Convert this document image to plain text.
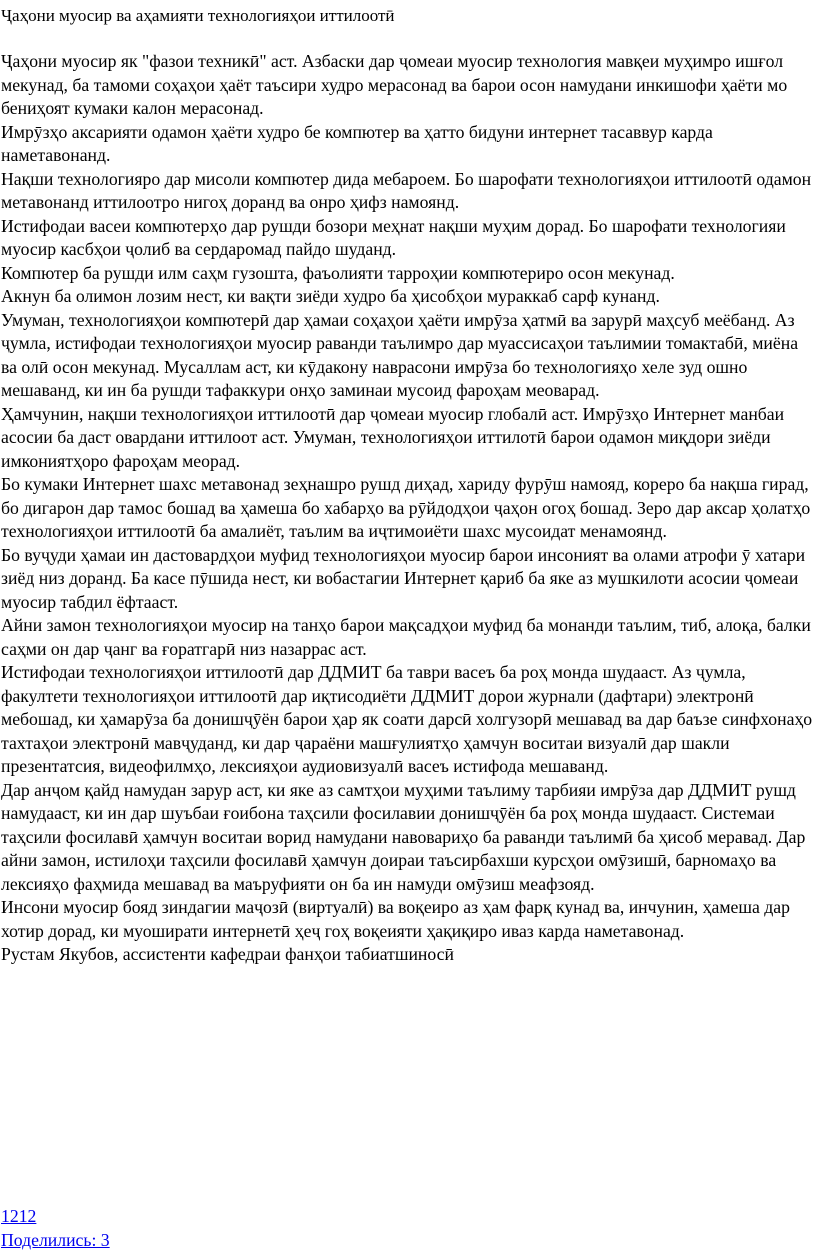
Ҷаҳони муосир ва аҳамияти технологияҳои иттилоотӣ

Ҷаҳони муосир як "фазои техникӣ" аст. Азбаски дар ҷомеаи муосир технология мавқеи муҳимро ишғол мекунад, ба тамоми соҳаҳои ҳаёт таъсири худро мерасонад ва барои осон намудани инкишофи ҳаёти мо бениҳоят кумаки калон мерасонад.

Имрӯзҳо аксарияти одамон ҳаёти худро бе компютер ва ҳатто бидуни интернет тасаввур карда наметавонанд.

Нақши технологияро дар мисоли компютер дида мебароем. Бо шарофати технологияҳои иттилоотӣ одамон метавонанд иттилоотро нигоҳ доранд ва онро ҳифз намоянд.

Истифодаи васеи компютерҳо дар рушди бозори меҳнат нақши муҳим дорад. Бо шарофати технологияи муосир касбҳои ҷолиб ва сердаромад пайдо шуданд.

Компютер ба рушди илм саҳм гузошта, фаъолияти тарроҳии компютериро осон мекунад.

Акнун ба олимон лозим нест, ки вақти зиёди худро ба ҳисобҳои мураккаб сарф кунанд.

Умуман, технологияҳои компютерӣ дар ҳамаи соҳаҳои ҳаёти имрӯза ҳатмӣ ва зарурӣ маҳсуб меёбанд. Аз ҷумла, истифодаи технологияҳои муосир раванди таълимро дар муассисаҳои таълимии томактабӣ, миёна ва олӣ осон мекунад. Мусаллам аст, ки кӯдакону наврасони имрӯза бо технологияҳо хеле зуд ошно мешаванд, ки ин ба рушди тафаккури онҳо заминаи мусоид фароҳам меоварад.

Ҳамчунин, нақши технологияҳои иттилоотӣ дар ҷомеаи муосир глобалӣ аст. Имрӯзҳо Интернет манбаи асосии ба даст овардани иттилоот аст. Умуман, технологияҳои иттилотӣ барои одамон миқдори зиёди имкониятҳоро фароҳам меорад.

Бо кумаки Интернет шахс метавонад зеҳнашро рушд диҳад, хариду фурӯш намояд, кореро ба нақша гирад, бо дигарон дар тамос бошад ва ҳамеша бо хабарҳо ва рӯйдодҳои ҷаҳон огоҳ бошад. Зеро дар аксар ҳолатҳо технологияҳои иттилоотӣ ба амалиёт, таълим ва иҷтимоиёти шахс мусоидат менамоянд.

Бо вуҷуди ҳамаи ин дастовардҳои муфид технологияҳои муосир барои инсоният ва олами атрофи ӯ хатари зиёд низ доранд. Ба касе пӯшида нест, ки вобастагии Интернет қариб ба яке аз мушкилоти асосии ҷомеаи муосир табдил ёфтааст.

Айни замон технологияҳои муосир на танҳо барои мақсадҳои муфид ба монанди таълим, тиб, алоқа, балки саҳми он дар ҷанг ва ғоратгарӣ низ назаррас аст.

Истифодаи технологияҳои иттилоотӣ дар ДДМИТ ба таври васеъ ба роҳ монда шудааст. Аз ҷумла, факултети технологияҳои иттилоотӣ дар иқтисодиёти ДДМИТ дорои журнали (дафтари) электронӣ мебошад, ки ҳамарӯза ба донишҷӯён барои ҳар як соати дарсӣ холгузорӣ мешавад ва дар баъзе синфхонаҳо тахтаҳои электронӣ мавҷуданд, ки дар ҷараёни машғулиятҳо ҳамчун воситаи визуалӣ дар шакли презентатсия, видеофилмҳо, лексияҳои аудиовизуалӣ васеъ истифода мешаванд.

Дар анҷом қайд намудан зарур аст, ки яке аз самтҳои муҳими таълиму тарбияи имрӯза дар ДДМИТ рушд намудааст, ки ин дар шуъбаи ғоибона таҳсили фосилавии донишҷӯён ба роҳ монда шудааст. Системаи таҳсили фосилавӣ ҳамчун воситаи ворид намудани навовариҳо ба раванди таълимӣ ба ҳисоб меравад. Дар айни замон, истилоҳи таҳсили фосилавӣ ҳамчун доираи таъсирбахши курсҳои омӯзишӣ, барномаҳо ва лексияҳо фаҳмида мешавад ва маъруфияти он ба ин намуди омӯзиш меафзояд.

Инсони муосир бояд зиндагии маҷозӣ (виртуалӣ) ва воқеиро аз ҳам фарқ кунад ва, инчунин, ҳамеша дар хотир дорад, ки муоширати интернетӣ ҳеҷ гоҳ воқеияти ҳақиқиро иваз карда наметавонад.

Рустам Якубов, ассистенти кафедраи фанҳои табиатшиносӣ

1212
Поделились: 3
